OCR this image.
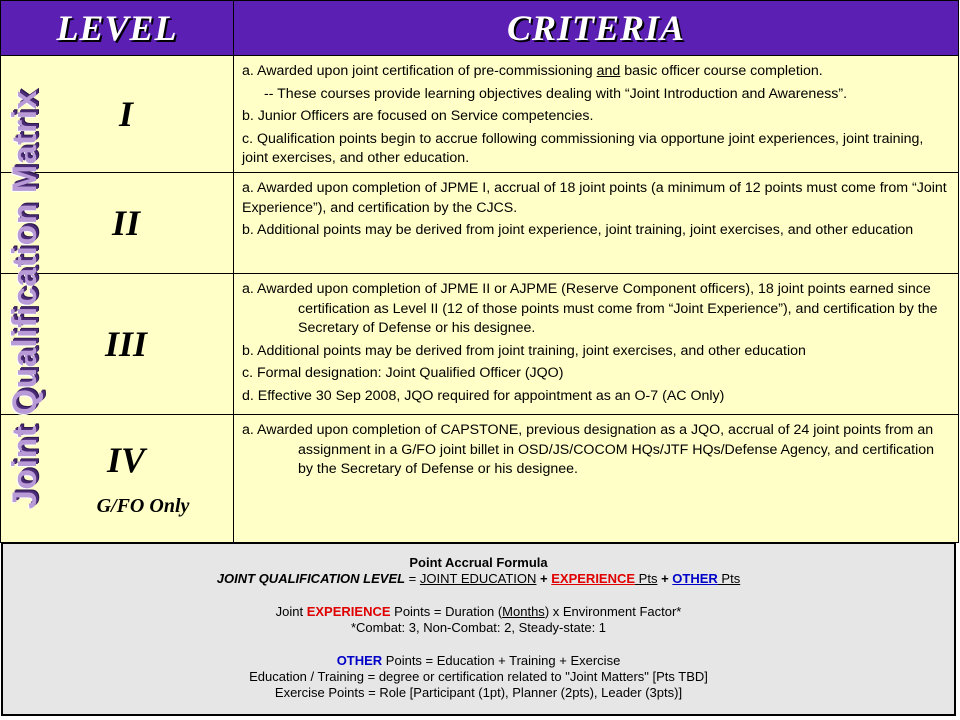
LEVEL	CRITERIA

I	a. Awarded upon joint certification of pre-commissioning and basic officer course completion.

-- These courses provide learning objectives dealing with “Joint Introduction and Awareness”.

b. Junior Officers are focused on Service competencies.

c. Qualification points begin to accrue following commissioning via opportune joint experiences, joint training, joint exercises, and other education.

II	a. Awarded upon completion of JPME I, accrual of 18 joint points (a minimum of 12 points must come from “Joint Experience”), and certification by the CJCS.

b. Additional points may be derived from joint experience, joint training, joint exercises, and other education

III	a. Awarded upon completion of JPME II or AJPME (Reserve Component officers), 18 joint points earned since certification as Level II (12 of those points must come from “Joint Experience”), and certification by the Secretary of Defense or his designee.

b. Additional points may be derived from joint training, joint exercises, and other education

c. Formal designation: Joint Qualified Officer (JQO)

d. Effective 30 Sep 2008, JQO required for appointment as an O-7 (AC Only)

IV
G/FO Only	a. Awarded upon completion of CAPSTONE, previous designation as a JQO, accrual of 24 joint points from an assignment in a G/FO joint billet in OSD/JS/COCOM HQs/JTF HQs/Defense Agency, and certification by the Secretary of Defense or his designee.

Joint Qualification Matrix
Point Accrual Formula
JOINT QUALIFICATION LEVEL = JOINT EDUCATION + EXPERIENCE Pts + OTHER Pts
Joint EXPERIENCE Points = Duration (Months) x Environment Factor*
*Combat: 3, Non-Combat: 2, Steady-state: 1
OTHER Points = Education + Training + Exercise
Education / Training = degree or certification related to "Joint Matters" [Pts TBD]
Exercise Points = Role [Participant (1pt), Planner (2pts), Leader (3pts)]
